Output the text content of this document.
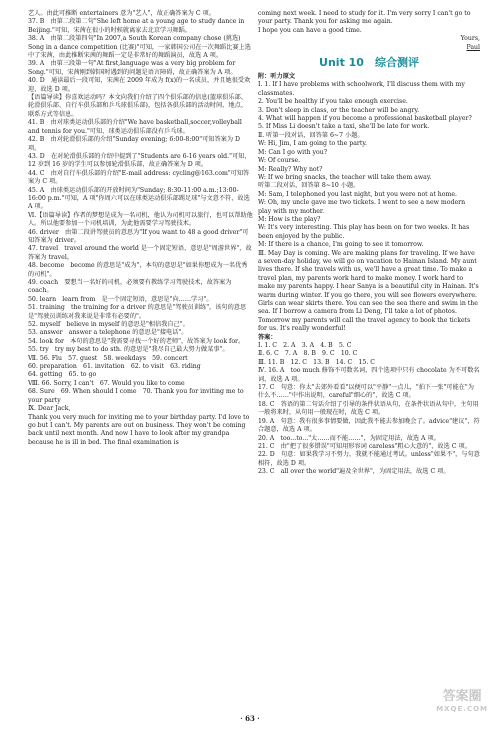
艺人。由此可推断 entertainers 意为"艺人"，故正确答案为 C 项。
37. B　由第二段第二句"She left home at a young age to study dance in Beijing."可知，宋茜在很小的时候就离家去北京学习舞蹈。
38. A　由第二段第四句"In 2007,a South Korean company chose (挑选) Song in a dance competition (比赛)"可知，一家韩国公司在一次舞蹈比赛上选中了宋茜，由此推断宋茜的舞蹈一定是非常好的舞蹈演员，故选 A 项。
39. A　由第三段第一句"At first,language was a very big problem for Song."可知，宋茜刚到韩国时遇到的问题是语言障碍，故正确答案为 A 项。
40. D　通读最后一段可知，宋茜在 2009 年成为 f(x)的一名成员，并且她很受欢迎，故选 D 项。
【语篇导读】你喜欢运动吗？本文向我们介绍了四个俱乐部的信息(篮球俱乐部、轮滑俱乐部、自行车俱乐部和乒乓球俱乐部)，包括各俱乐部的活动时间、地点、联系方式等信息。
41. B　由对球类运动俱乐部的介绍"We have basketball,soccer,volleyball and tennis for you."可知，球类运动俱乐部没有乒乓球。
42. B　由对轮滑俱乐部的介绍"Sunday evening; 6:00-8:00"可知答案为 D 项。
43. D　在对轮滑俱乐部的介绍中提到了"Students are 6-16 years old."可知，12 岁到 16 岁的学生可以参加轮滑俱乐部，故正确答案为 D 项。
44. C　由对自行车俱乐部的介绍"E-mail address: cycling@163.com"可知答案为 C 项。
45. A　由球类运动俱乐部的开放时间为"Sunday; 8:30-11:00 a.m.;13:00-16:00 p.m."可知，A 项"你周六可以在球类运动俱乐部踢足球"与文意不符，故选 A 项。
Ⅵ.【语篇导读】作者的梦想是成为一名司机，他认为司机可以旅行，也可以帮助他人。所以他要参加一个司机培训，为此他需要学习驾驶技术。
46. driver　由第二段讲驾驶员的意思为"If you want to 48 a good driver"可知答案为 driver。
47. travel　travel around the world 是一个固定短语，意思是"周游世界"，故答案为 travel。
48. become　become 的意思是"成为"，本句的意思是"如果你想成为一名优秀的司机"。
49. coach　要想当一名好的司机，必须要有教练学习驾驶技术，故答案为 coach。
50. learn　learn from　是一个固定短语，意思是"向……学习"。
51. training　the training for a driver 的意思是"驾驶员训练"，该句的意思是"驾驶员训练对我来说是非常有必要的"。
52. myself　believe in myself 的意思是"相信我自己"。
53. answer　answer a telephone 的意思是"接电话"。
54. look for　本句的意思是"我需要寻找一个好的老师"，故答案为 look for。
55. try　try my best to do sth. 的意思是"我尽自己最大努力做某事"。
Ⅶ. 56. Flu　57. guest　58. weekdays　59. concert
60. preparation　61. invitation　62. to visit　63. riding
64. getting　65. to go
Ⅷ. 66. Sorry, I can't　67. Would you like to come
68. Sure　69. When should I come　70. Thank you for inviting me to your party
Ⅸ. Dear Jack,
Thank you very much for inviting me to your birthday party. I'd love to go but I can't. My parents are out on business. They won't be coming back until next month. And now I have to look after my grandpa because he is ill in bed. The final examination is
coming next week. I need to study for it. I'm very sorry I can't go to your party. Thank you for asking me again.
I hope you can have a good time.
Yours,
Paul
Unit 10　综合测评
附：听力原文
Ⅰ. 1. If I have problems with schoolwork, I'll discuss them with my classmates.
2. You'll be healthy if you take enough exercise.
3. Don't sleep in class, or the teacher will be angry.
4. What will happen if you become a professional basketball player?
5. If Miss Li doesn't take a taxi, she'll be late for work.
Ⅱ. 听第一段对话，回答第 6~7 小题。
W: Hi, Jim, I am going to the party.
M: Can I go with you?
W: Of course.
M: Really? Why not?
W: If we bring snacks, the teacher will take them away.
听第二段对话，回答第 8~10 小题。
M: Sam, I telephoned you last night, but you were not at home.
W: Oh, my uncle gave me two tickets. I went to see a new modern play with my mother.
M: How is the play?
W: It's very interesting. This play has been on for two weeks. It has been enjoyed by the public.
M: If there is a chance, I'm going to see it tomorrow.
Ⅲ. May Day is coming. We are making plans for traveling. If we have a seven-day holiday, we will go on vacation to Hainan Island. My aunt lives there. If she travels with us, we'll have a great time. To make a travel plan, my parents work hard to make money. I work hard to make my parents happy. I hear Sanya is a beautiful city in Hainan. It's warm during winter. If you go there, you will see flowers everywhere. Girls can wear skirts there. You can see the sea there and swim in the sea. If I borrow a camera from Li Deng, I'll take a lot of photos. Tomorrow my parents will call the travel agency to book the tickets for us. It's really wonderful!
答案：
Ⅰ. 1. C　2. A　3. A　4. B　5. C
Ⅱ. 6. C　7. A　8. B　9. C　10. C
Ⅲ. 11. B　12. C　13. B　14. C　15. C
Ⅳ. 16. A　too much 修饰不可数名词，四个选项中只有 chocolate 为不可数名词，故选 A 项。
17. C　句意：你太"去郊外看看"以便可以"平静"一点儿，"拍下一张"可能在"为什么不……"中作出说明，careful"细心的"，故选 C 项。
18. C　答语的第二句话介绍了引导的条件状语从句，在条件状语从句中，主句用一般将来时，从句用一般现在时，故选 C 项。
19. A　句意：我有很多事情要做，因此我不能去参加晚会了。advice"建议"，符合题意，故选 A 项。
20. A　too...to..."太……而不能……"，为固定用法，故选 A 项。
21. C　由"把了很多错误"可知用形容词 careless"粗心大意的"，故选 C 项。
22. D　句意：如果我学习不努力，我就不能通过考试。unless"如果不"，与句意相符，故选 D 项。
23. C　all over the world"遍及全世界"，为固定用法，故选 C 项。
· 63 ·
答案圈
MXQE.COM
